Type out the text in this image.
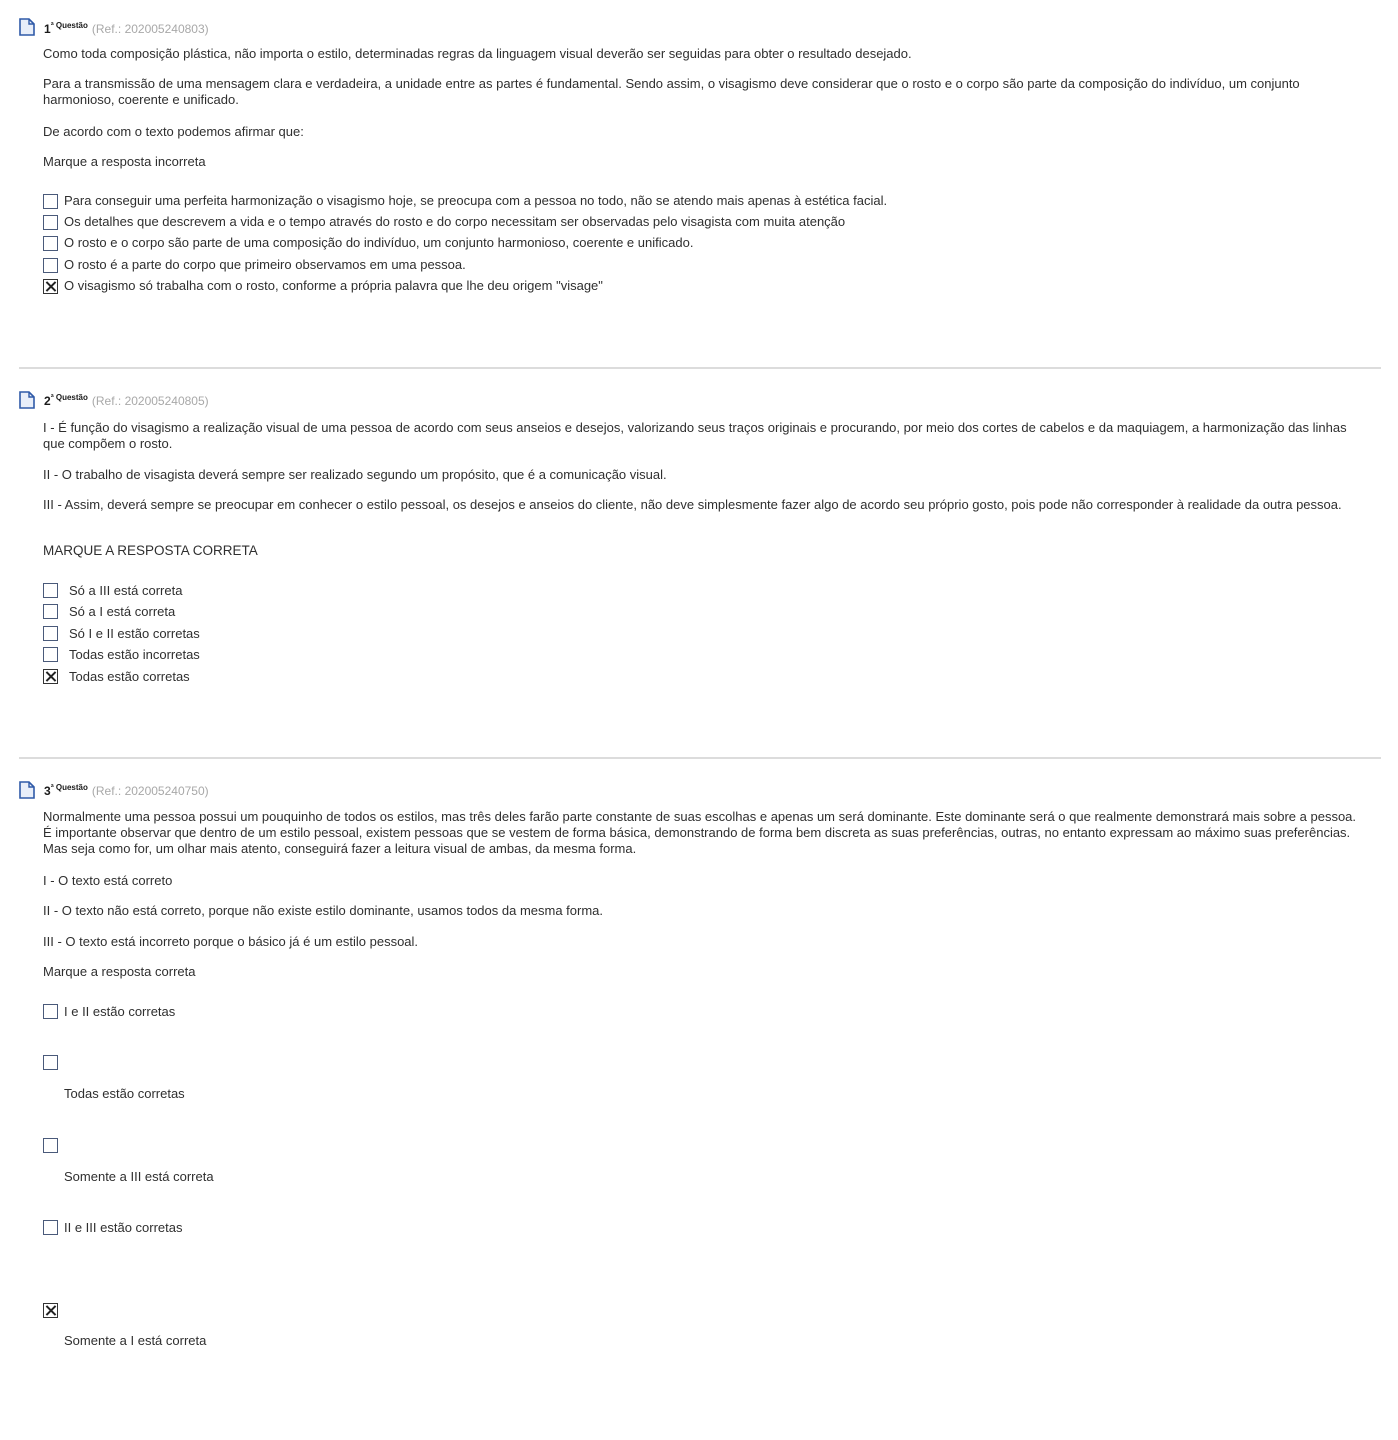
$1^{ª Questão}$ (Ref.: 202005240803)
Como toda composição plástica, não importa o estilo, determinadas regras da linguagem visual deverão ser seguidas para obter o resultado desejado.
Para a transmissão de uma mensagem clara e verdadeira, a unidade entre as partes é fundamental. Sendo assim, o visagismo deve considerar que o rosto e o corpo são parte da composição do indivíduo, um conjunto harmonioso, coerente e unificado.
De acordo com o texto podemos afirmar que:
Marque a resposta incorreta
Para conseguir uma perfeita harmonização o visagismo hoje, se preocupa com a pessoa no todo, não se atendo mais apenas à estética facial.
Os detalhes que descrevem a vida e o tempo através do rosto e do corpo necessitam ser observadas pelo visagista com muita atenção
O rosto e o corpo são parte de uma composição do indivíduo, um conjunto harmonioso, coerente e unificado.
O rosto é a parte do corpo que primeiro observamos em uma pessoa.
O visagismo só trabalha com o rosto, conforme a própria palavra que lhe deu origem "visage"
$2^{ª Questão}$ (Ref.: 202005240805)
I - É função do visagismo a realização visual de uma pessoa de acordo com seus anseios e desejos, valorizando seus traços originais e procurando, por meio dos cortes de cabelos e da maquiagem, a harmonização das linhas que compõem o rosto.
II - O trabalho de visagista deverá sempre ser realizado segundo um propósito, que é a comunicação visual.
III - Assim, deverá sempre se preocupar em conhecer o estilo pessoal, os desejos e anseios do cliente, não deve simplesmente fazer algo de acordo seu próprio gosto, pois pode não corresponder à realidade da outra pessoa.
MARQUE A RESPOSTA CORRETA
Só a III está correta
Só a I está correta
Só I e II estão corretas
Todas estão incorretas
Todas estão corretas
$3^{ª Questão}$ (Ref.: 202005240750)
Normalmente uma pessoa possui um pouquinho de todos os estilos, mas três deles farão parte constante de suas escolhas e apenas um será dominante. Este dominante será o que realmente demonstrará mais sobre a pessoa. É importante observar que dentro de um estilo pessoal, existem pessoas que se vestem de forma básica, demonstrando de forma bem discreta as suas preferências, outras, no entanto expressam ao máximo suas preferências. Mas seja como for, um olhar mais atento, conseguirá fazer a leitura visual de ambas, da mesma forma.
I - O texto está correto
II - O texto não está correto, porque não existe estilo dominante, usamos todos da mesma forma.
III - O texto está incorreto porque o básico já é um estilo pessoal.
Marque a resposta correta
I e II estão corretas
Todas estão corretas
Somente a III está correta
II e III estão corretas
Somente a I está correta
